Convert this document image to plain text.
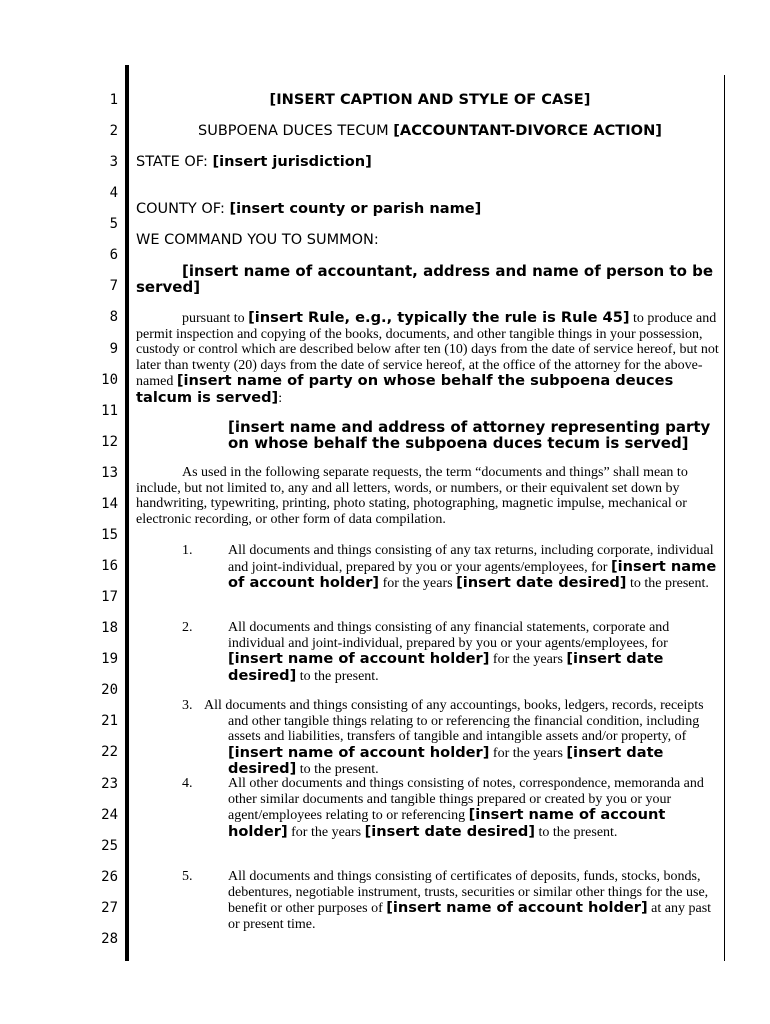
1
2
3
4
5
6
7
8
9
10
11
12
13
14
15
16
17
18
19
20
21
22
23
24
25
26
27
28
[INSERT CAPTION AND STYLE OF CASE]
SUBPOENA DUCES TECUM [ACCOUNTANT-DIVORCE ACTION]
STATE OF: [insert jurisdiction]
COUNTY OF: [insert county or parish name]
WE COMMAND YOU TO SUMMON:
[insert name of accountant, address and name of person to be served]
pursuant to [insert Rule, e.g., typically the rule is Rule 45] to produce and permit inspection and copying of the books, documents, and other tangible things in your possession, custody or control which are described below after ten (10) days from the date of service hereof, but not later than twenty (20) days from the date of service hereof, at the office of the attorney for the above-named [insert name of party on whose behalf the subpoena deuces talcum is served]:
[insert name and address of attorney representing party on whose behalf the subpoena duces tecum is served]
As used in the following separate requests, the term “documents and things” shall mean to include, but not limited to, any and all letters, words, or numbers, or their equivalent set down by handwriting, typewriting, printing, photo stating, photographing, magnetic impulse, mechanical or electronic recording, or other form of data compilation.
1.	All documents and things consisting of any tax returns, including corporate, individual and joint-individual, prepared by you or your agents/employees, for [insert name of account holder] for the years [insert date desired] to the present.
2.	All documents and things consisting of any financial statements, corporate and individual and joint-individual, prepared by you or your agents/employees, for [insert name of account holder] for the years [insert date desired] to the present.
3. All documents and things consisting of any accountings, books, ledgers, records, receipts and other tangible things relating to or referencing the financial condition, including assets and liabilities, transfers of tangible and intangible assets and/or property, of [insert name of account holder] for the years [insert date desired] to the present.
4.	All other documents and things consisting of notes, correspondence, memoranda and other similar documents and tangible things prepared or created by you or your agent/employees relating to or referencing [insert name of account holder] for the years [insert date desired] to the present.
5.	All documents and things consisting of certificates of deposits, funds, stocks, bonds, debentures, negotiable instrument, trusts, securities or similar other things for the use, benefit or other purposes of [insert name of account holder] at any past or present time.
